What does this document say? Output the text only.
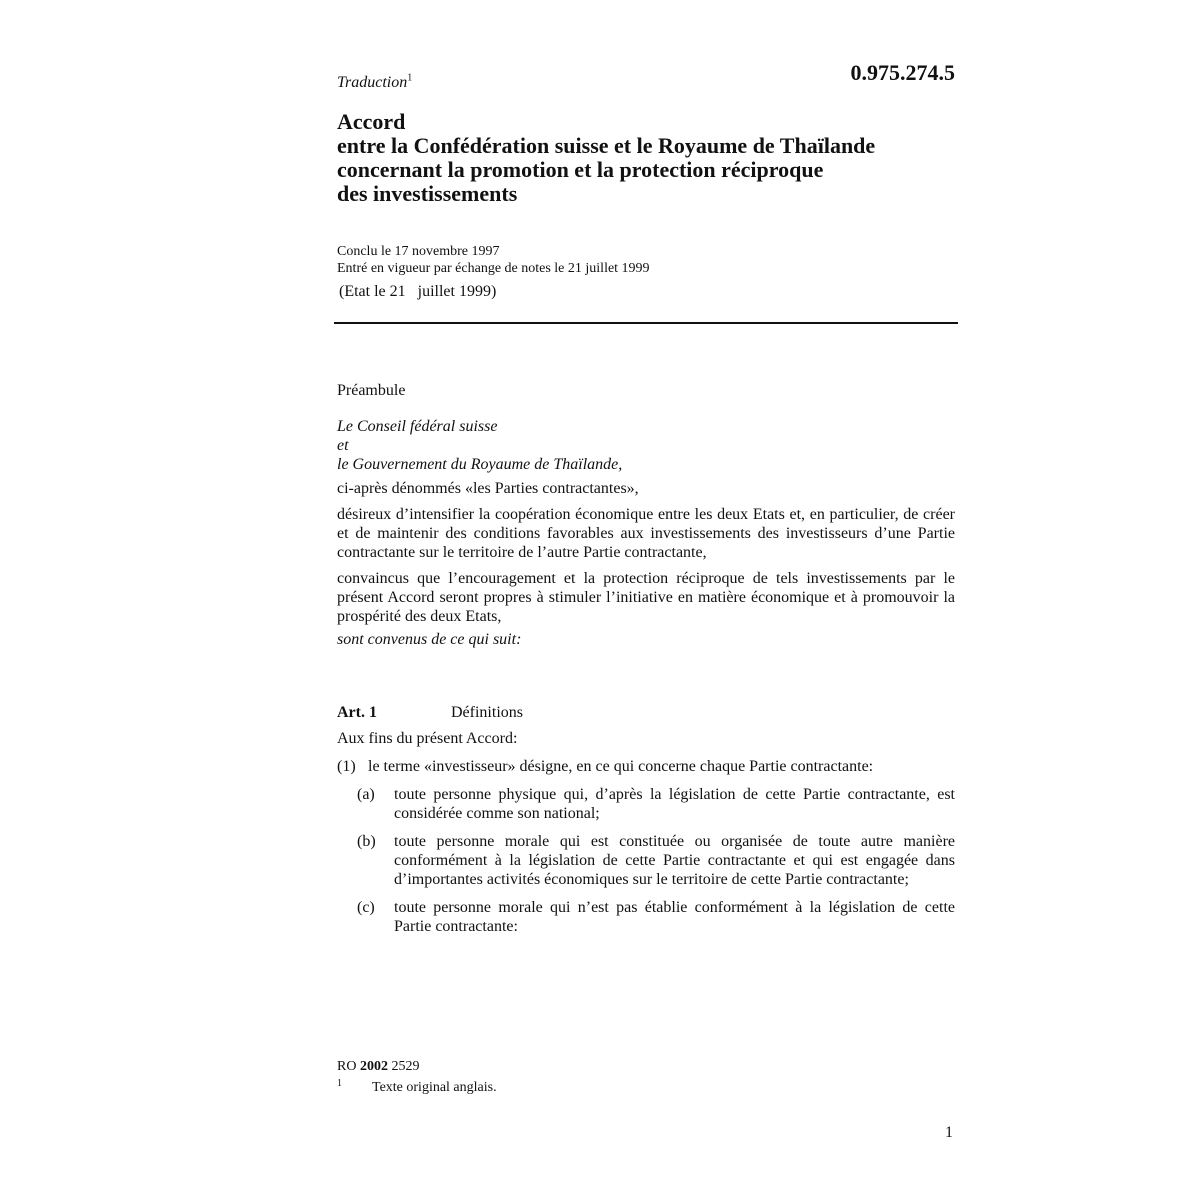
0.975.274.5
Traduction$^1$
Accord
entre la Confédération suisse et le Royaume de Thaïlande
concernant la promotion et la protection réciproque
des investissements
Conclu le 17 novembre 1997
Entré en vigueur par échange de notes le 21 juillet 1999
(Etat le 21   juillet 1999)

Préambule

Le Conseil fédéral suisse

et

le Gouvernement du Royaume de Thaïlande,

ci-après dénommés «les Parties contractantes»,

désireux d’intensifier la coopération économique entre les deux Etats et, en particulier, de créer et de maintenir des conditions favorables aux investissements des investisseurs d’une Partie contractante sur le territoire de l’autre Partie contractante,

convaincus que l’encouragement et la protection réciproque de tels investissements par le présent Accord seront propres à stimuler l’initiative en matière économique et à promouvoir la prospérité des deux Etats,

sont convenus de ce qui suit:

Art. 1	Définitions

Aux fins du présent Accord:

(1) le terme «investisseur» désigne, en ce qui concerne chaque Partie contractante:
(a)	toute personne physique qui, d’après la législation de cette Partie contractante, est considérée comme son national;
(b)	toute personne morale qui est constituée ou organisée de toute autre manière conformément à la législation de cette Partie contractante et qui est engagée dans d’importantes activités économiques sur le territoire de cette Partie contractante;
(c)	toute personne morale qui n’est pas établie conformément à la législation de cette Partie contractante:
RO 2002 2529
1	Texte original anglais.
1
